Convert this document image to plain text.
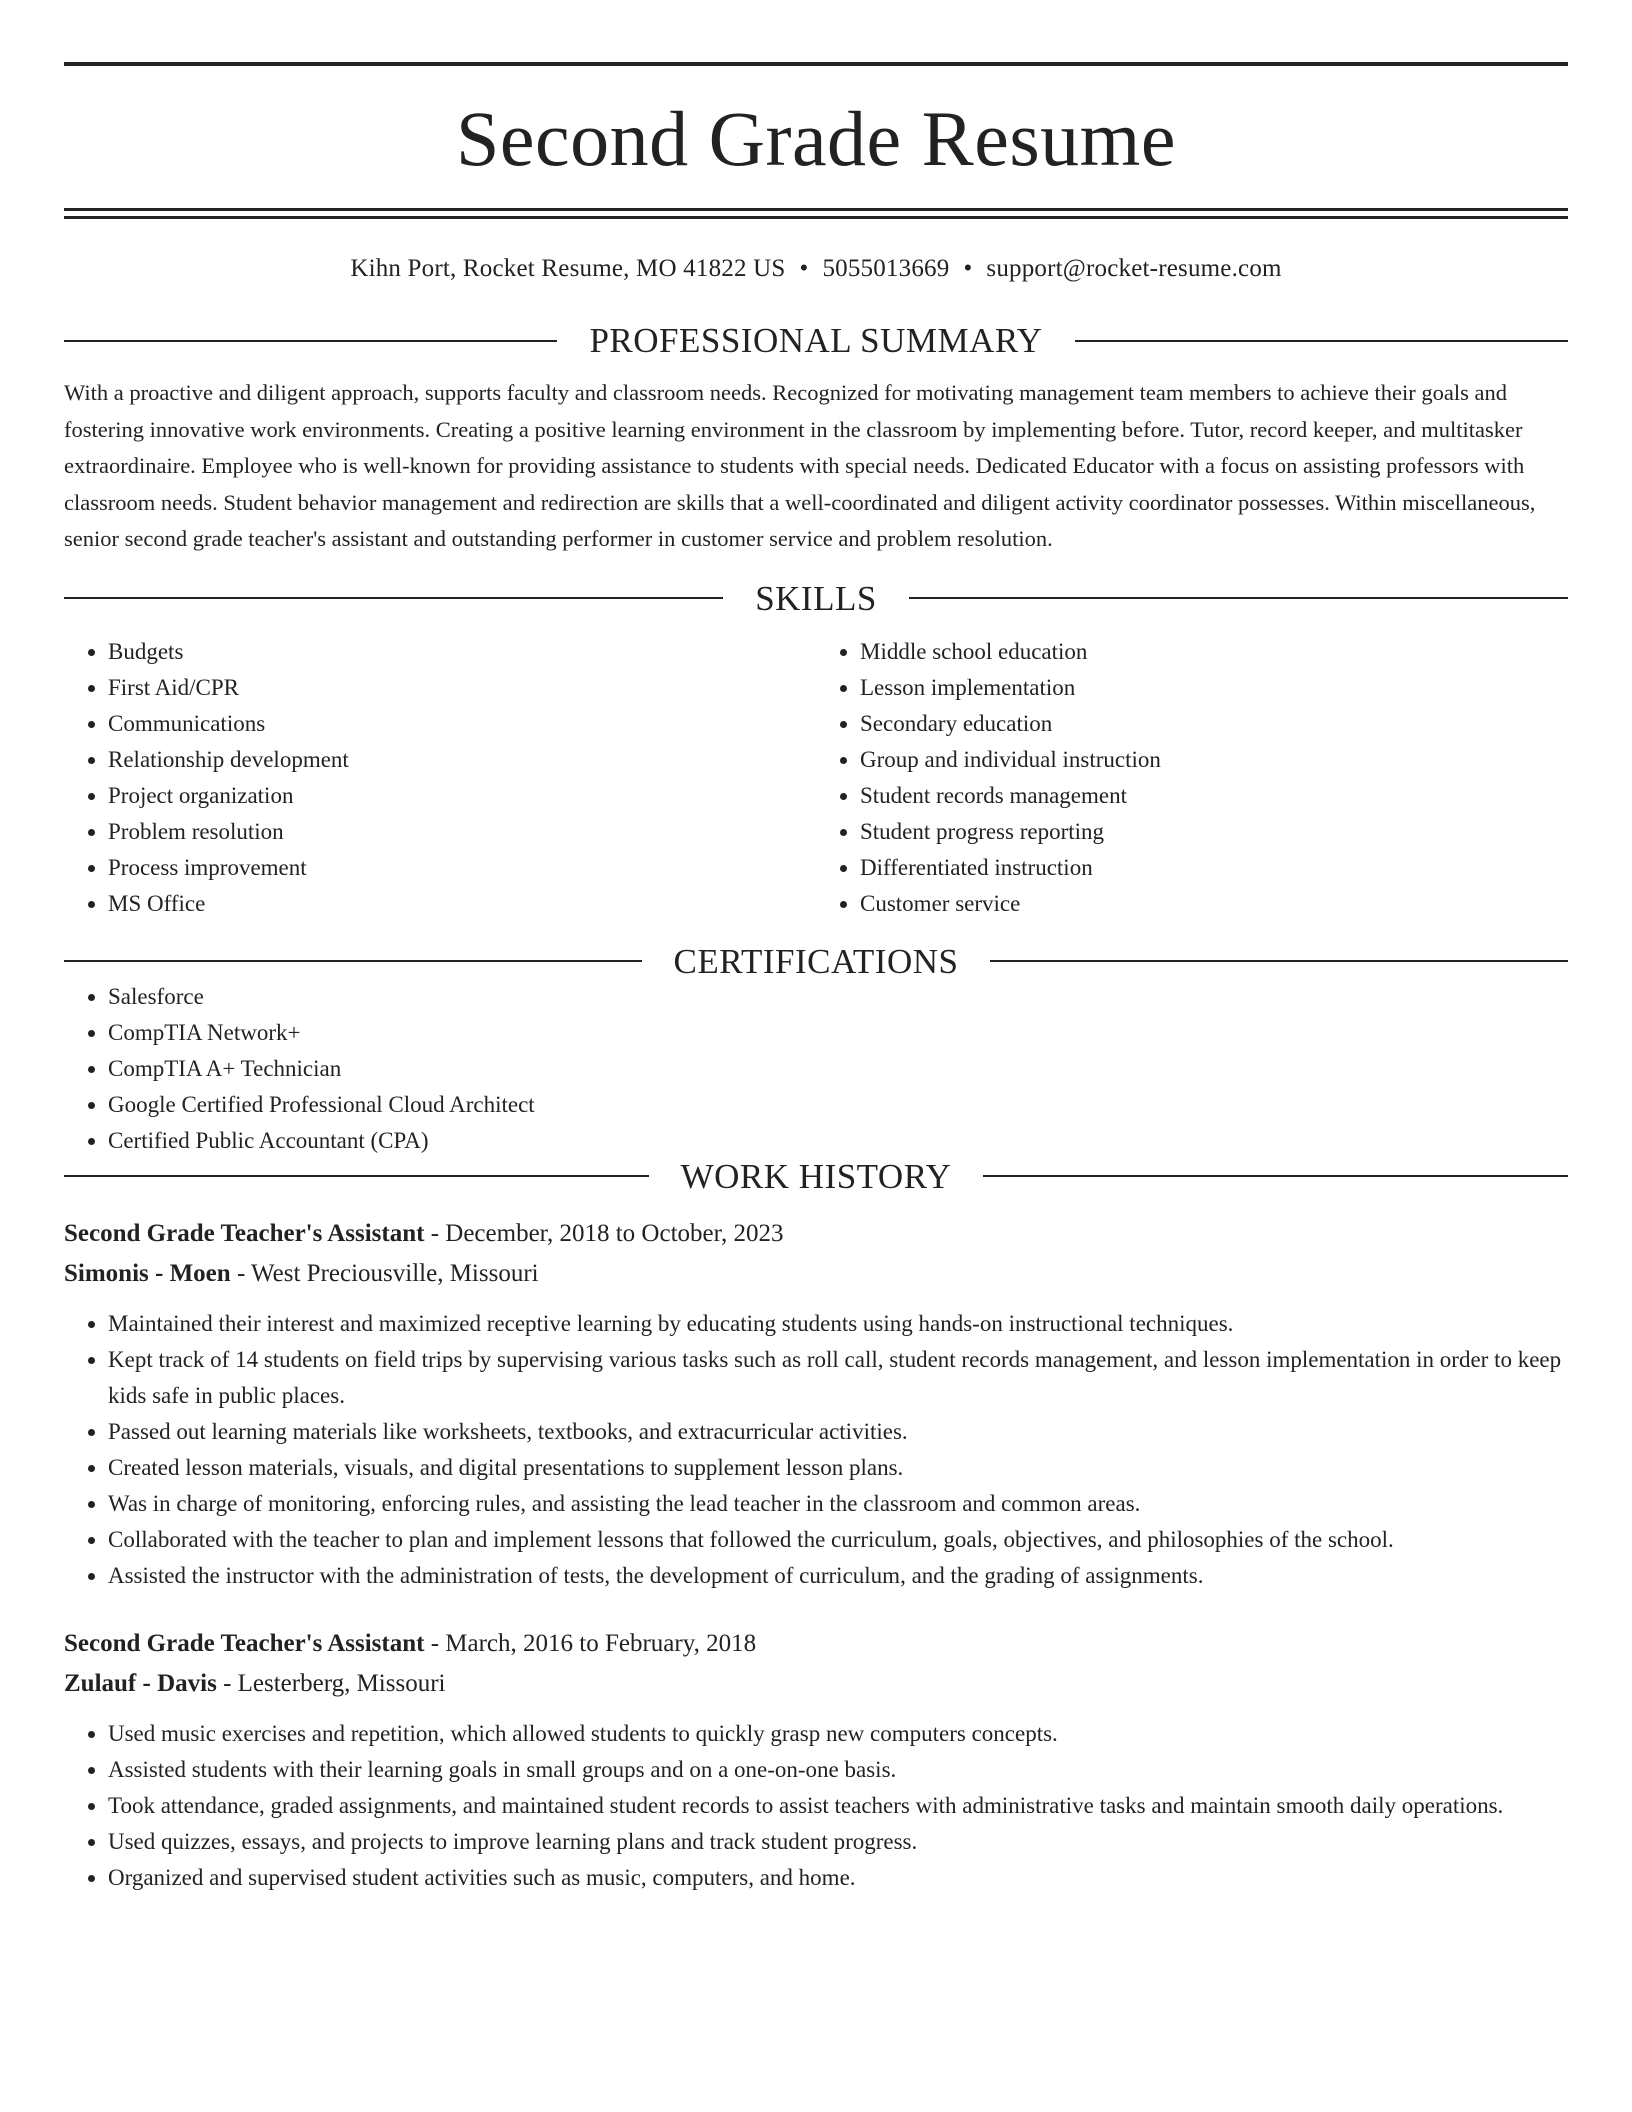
Second Grade Resume
Kihn Port, Rocket Resume, MO 41822 US • 5055013669 • support@rocket-resume.com
PROFESSIONAL SUMMARY

With a proactive and diligent approach, supports faculty and classroom needs. Recognized for motivating management team members to achieve their goals and fostering innovative work environments. Creating a positive learning environment in the classroom by implementing before. Tutor, record keeper, and multitasker extraordinaire. Employee who is well-known for providing assistance to students with special needs. Dedicated Educator with a focus on assisting professors with classroom needs. Student behavior management and redirection are skills that a well-coordinated and diligent activity coordinator possesses. Within miscellaneous, senior second grade teacher's assistant and outstanding performer in customer service and problem resolution.

SKILLS
• Budgets
• First Aid/CPR
• Communications
• Relationship development
• Project organization
• Problem resolution
• Process improvement
• MS Office
• Middle school education
• Lesson implementation
• Secondary education
• Group and individual instruction
• Student records management
• Student progress reporting
• Differentiated instruction
• Customer service
CERTIFICATIONS
• Salesforce
• CompTIA Network+
• CompTIA A+ Technician
• Google Certified Professional Cloud Architect
• Certified Public Accountant (CPA)
WORK HISTORY
Second Grade Teacher's Assistant - December, 2018 to October, 2023
Simonis - Moen - West Preciousville, Missouri
• Maintained their interest and maximized receptive learning by educating students using hands-on instructional techniques.
• Kept track of 14 students on field trips by supervising various tasks such as roll call, student records management, and lesson implementation in order to keep kids safe in public places.
• Passed out learning materials like worksheets, textbooks, and extracurricular activities.
• Created lesson materials, visuals, and digital presentations to supplement lesson plans.
• Was in charge of monitoring, enforcing rules, and assisting the lead teacher in the classroom and common areas.
• Collaborated with the teacher to plan and implement lessons that followed the curriculum, goals, objectives, and philosophies of the school.
• Assisted the instructor with the administration of tests, the development of curriculum, and the grading of assignments.
Second Grade Teacher's Assistant - March, 2016 to February, 2018
Zulauf - Davis - Lesterberg, Missouri
• Used music exercises and repetition, which allowed students to quickly grasp new computers concepts.
• Assisted students with their learning goals in small groups and on a one-on-one basis.
• Took attendance, graded assignments, and maintained student records to assist teachers with administrative tasks and maintain smooth daily operations.
• Used quizzes, essays, and projects to improve learning plans and track student progress.
• Organized and supervised student activities such as music, computers, and home.
